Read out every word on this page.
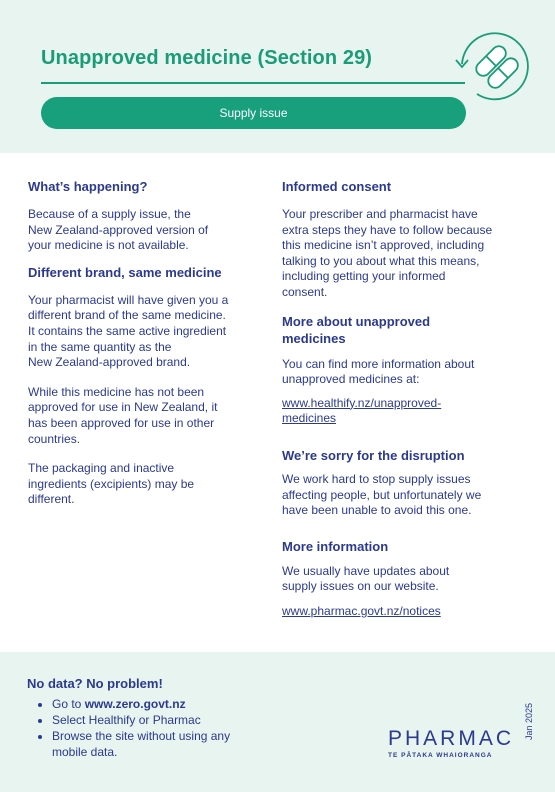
Unapproved medicine (Section 29)
Supply issue
What’s happening?

Because of a supply issue, the
New Zealand-approved version of
your medicine is not available.

Different brand, same medicine

Your pharmacist will have given you a
different brand of the same medicine.
It contains the same active ingredient
in the same quantity as the
New Zealand-approved brand.

While this medicine has not been
approved for use in New Zealand, it
has been approved for use in other
countries.

The packaging and inactive
ingredients (excipients) may be
different.

Informed consent

Your prescriber and pharmacist have
extra steps they have to follow because
this medicine isn’t approved, including
talking to you about what this means,
including getting your informed
consent.

More about unapproved
medicines

You can find more information about
unapproved medicines at:

www.healthify.nz/unapproved-
medicines

We’re sorry for the disruption

We work hard to stop supply issues
affecting people, but unfortunately we
have been unable to avoid this one.

More information

We usually have updates about
supply issues on our website.

www.pharmac.govt.nz/notices

No data? No problem!
• Go to www.zero.govt.nz
• Select Healthify or Pharmac
• Browse the site without using any
mobile data.
PHARMAC
TE PĀTAKA WHAIORANGA
Jan 2025
